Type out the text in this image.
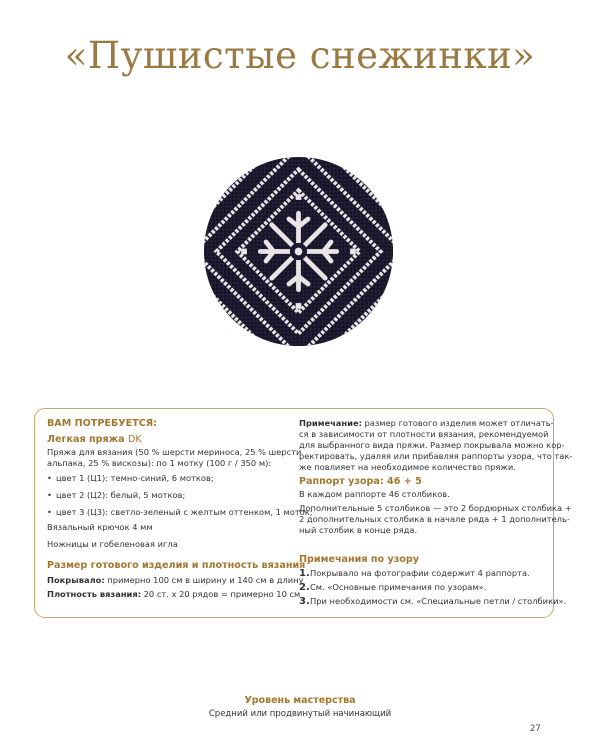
«Пушистые снежинки»
ВАМ ПОТРЕБУЕТСЯ:
Легкая пряжа DK
Пряжа для вязания (50 % шерсти мериноса, 25 % шерсти
альпака, 25 % вискозы): по 1 мотку (100 г / 350 м):
• цвет 1 (Ц1): темно-синий, 6 мотков;
• цвет 2 (Ц2): белый, 5 мотков;
• цвет 3 (Ц3): светло-зеленый с желтым оттенком, 1 моток;
Вязальный крючок 4 мм
Ножницы и гобеленовая игла
Размер готового изделия и плотность вязания
Покрывало: примерно 100 см в ширину и 140 см в длину
Плотность вязания: 20 ст. х 20 рядов = примерно 10 см
Примечание: размер готового изделия может отличать-
ся в зависимости от плотности вязания, рекомендуемой
для выбранного вида пряжи. Размер покрывала можно кор-
ректировать, удаляя или прибавляя раппорты узора, что так-
же повлияет на необходимое количество пряжи.
Раппорт узора: 46 + 5
В каждом раппорте 46 столбиков.
Дополнительные 5 столбиков — это 2 бордюрных столбика +
2 дополнительных столбика в начале ряда + 1 дополнитель-
ный столбик в конце ряда.
Примечания по узору
1.Покрывало на фотографии содержит 4 раппорта.
2.См. «Основные примечания по узорам».
3.При необходимости см. «Специальные петли / столбики».
Уровень мастерства
Средний или продвинутый начинающий
27
